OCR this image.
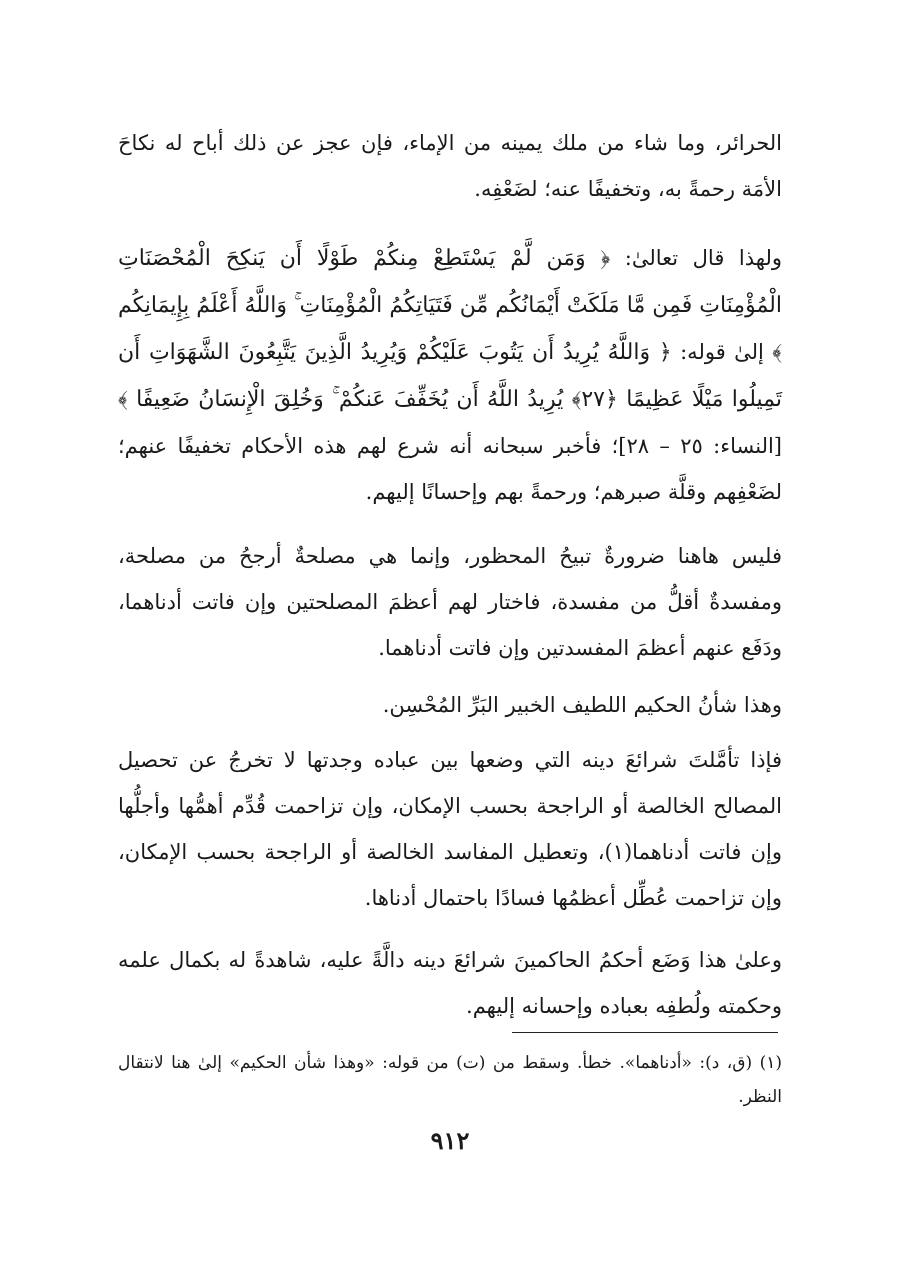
الحرائر، وما شاء من ملك يمينه من الإماء، فإن عجز عن ذلك أباح له نكاحَ الأمَة رحمةً به، وتخفيفًا عنه؛ لضَعْفِه.

ولهذا قال تعالىٰ: ﴿ وَمَن لَّمْ يَسْتَطِعْ مِنكُمْ طَوْلًا أَن يَنكِحَ الْمُحْصَنَاتِ الْمُؤْمِنَاتِ فَمِن مَّا مَلَكَتْ أَيْمَانُكُم مِّن فَتَيَاتِكُمُ الْمُؤْمِنَاتِ ۚ وَاللَّهُ أَعْلَمُ بِإِيمَانِكُم ﴾ إلىٰ قوله: ﴿ وَاللَّهُ يُرِيدُ أَن يَتُوبَ عَلَيْكُمْ وَيُرِيدُ الَّذِينَ يَتَّبِعُونَ الشَّهَوَاتِ أَن تَمِيلُوا مَيْلًا عَظِيمًا ﴿٢٧﴾ يُرِيدُ اللَّهُ أَن يُخَفِّفَ عَنكُمْ ۚ وَخُلِقَ الْإِنسَانُ ضَعِيفًا ﴾ [النساء: ٢٥ – ٢٨]؛ فأخبر سبحانه أنه شرع لهم هذه الأحكام تخفيفًا عنهم؛ لضَعْفِهم وقلَّة صبرهم؛ ورحمةً بهم وإحسانًا إليهم.

فليس هاهنا ضرورةٌ تبيحُ المحظور، وإنما هي مصلحةٌ أرجحُ من مصلحة، ومفسدةٌ أقلُّ من مفسدة، فاختار لهم أعظمَ المصلحتين وإن فاتت أدناهما، ودَفَع عنهم أعظمَ المفسدتين وإن فاتت أدناهما.

وهذا شأنُ الحكيم اللطيف الخبير البَرِّ المُحْسِن.

فإذا تأمَّلتَ شرائعَ دينه التي وضعها بين عباده وجدتها لا تخرجُ عن تحصيل المصالح الخالصة أو الراجحة بحسب الإمكان، وإن تزاحمت قُدِّم أهمُّها وأجلُّها وإن فاتت أدناهما(١)، وتعطيل المفاسد الخالصة أو الراجحة بحسب الإمكان، وإن تزاحمت عُطِّل أعظمُها فسادًا باحتمال أدناها.

وعلىٰ هذا وَضَع أحكمُ الحاكمينَ شرائعَ دينه دالَّةً عليه، شاهدةً له بكمال علمه وحكمته ولُطفِه بعباده وإحسانه إليهم.

(١) (ق، د): «أدناهما». خطأ. وسقط من (ت) من قوله: «وهذا شأن الحكيم» إلىٰ هنا لانتقال النظر.

٩١٢
